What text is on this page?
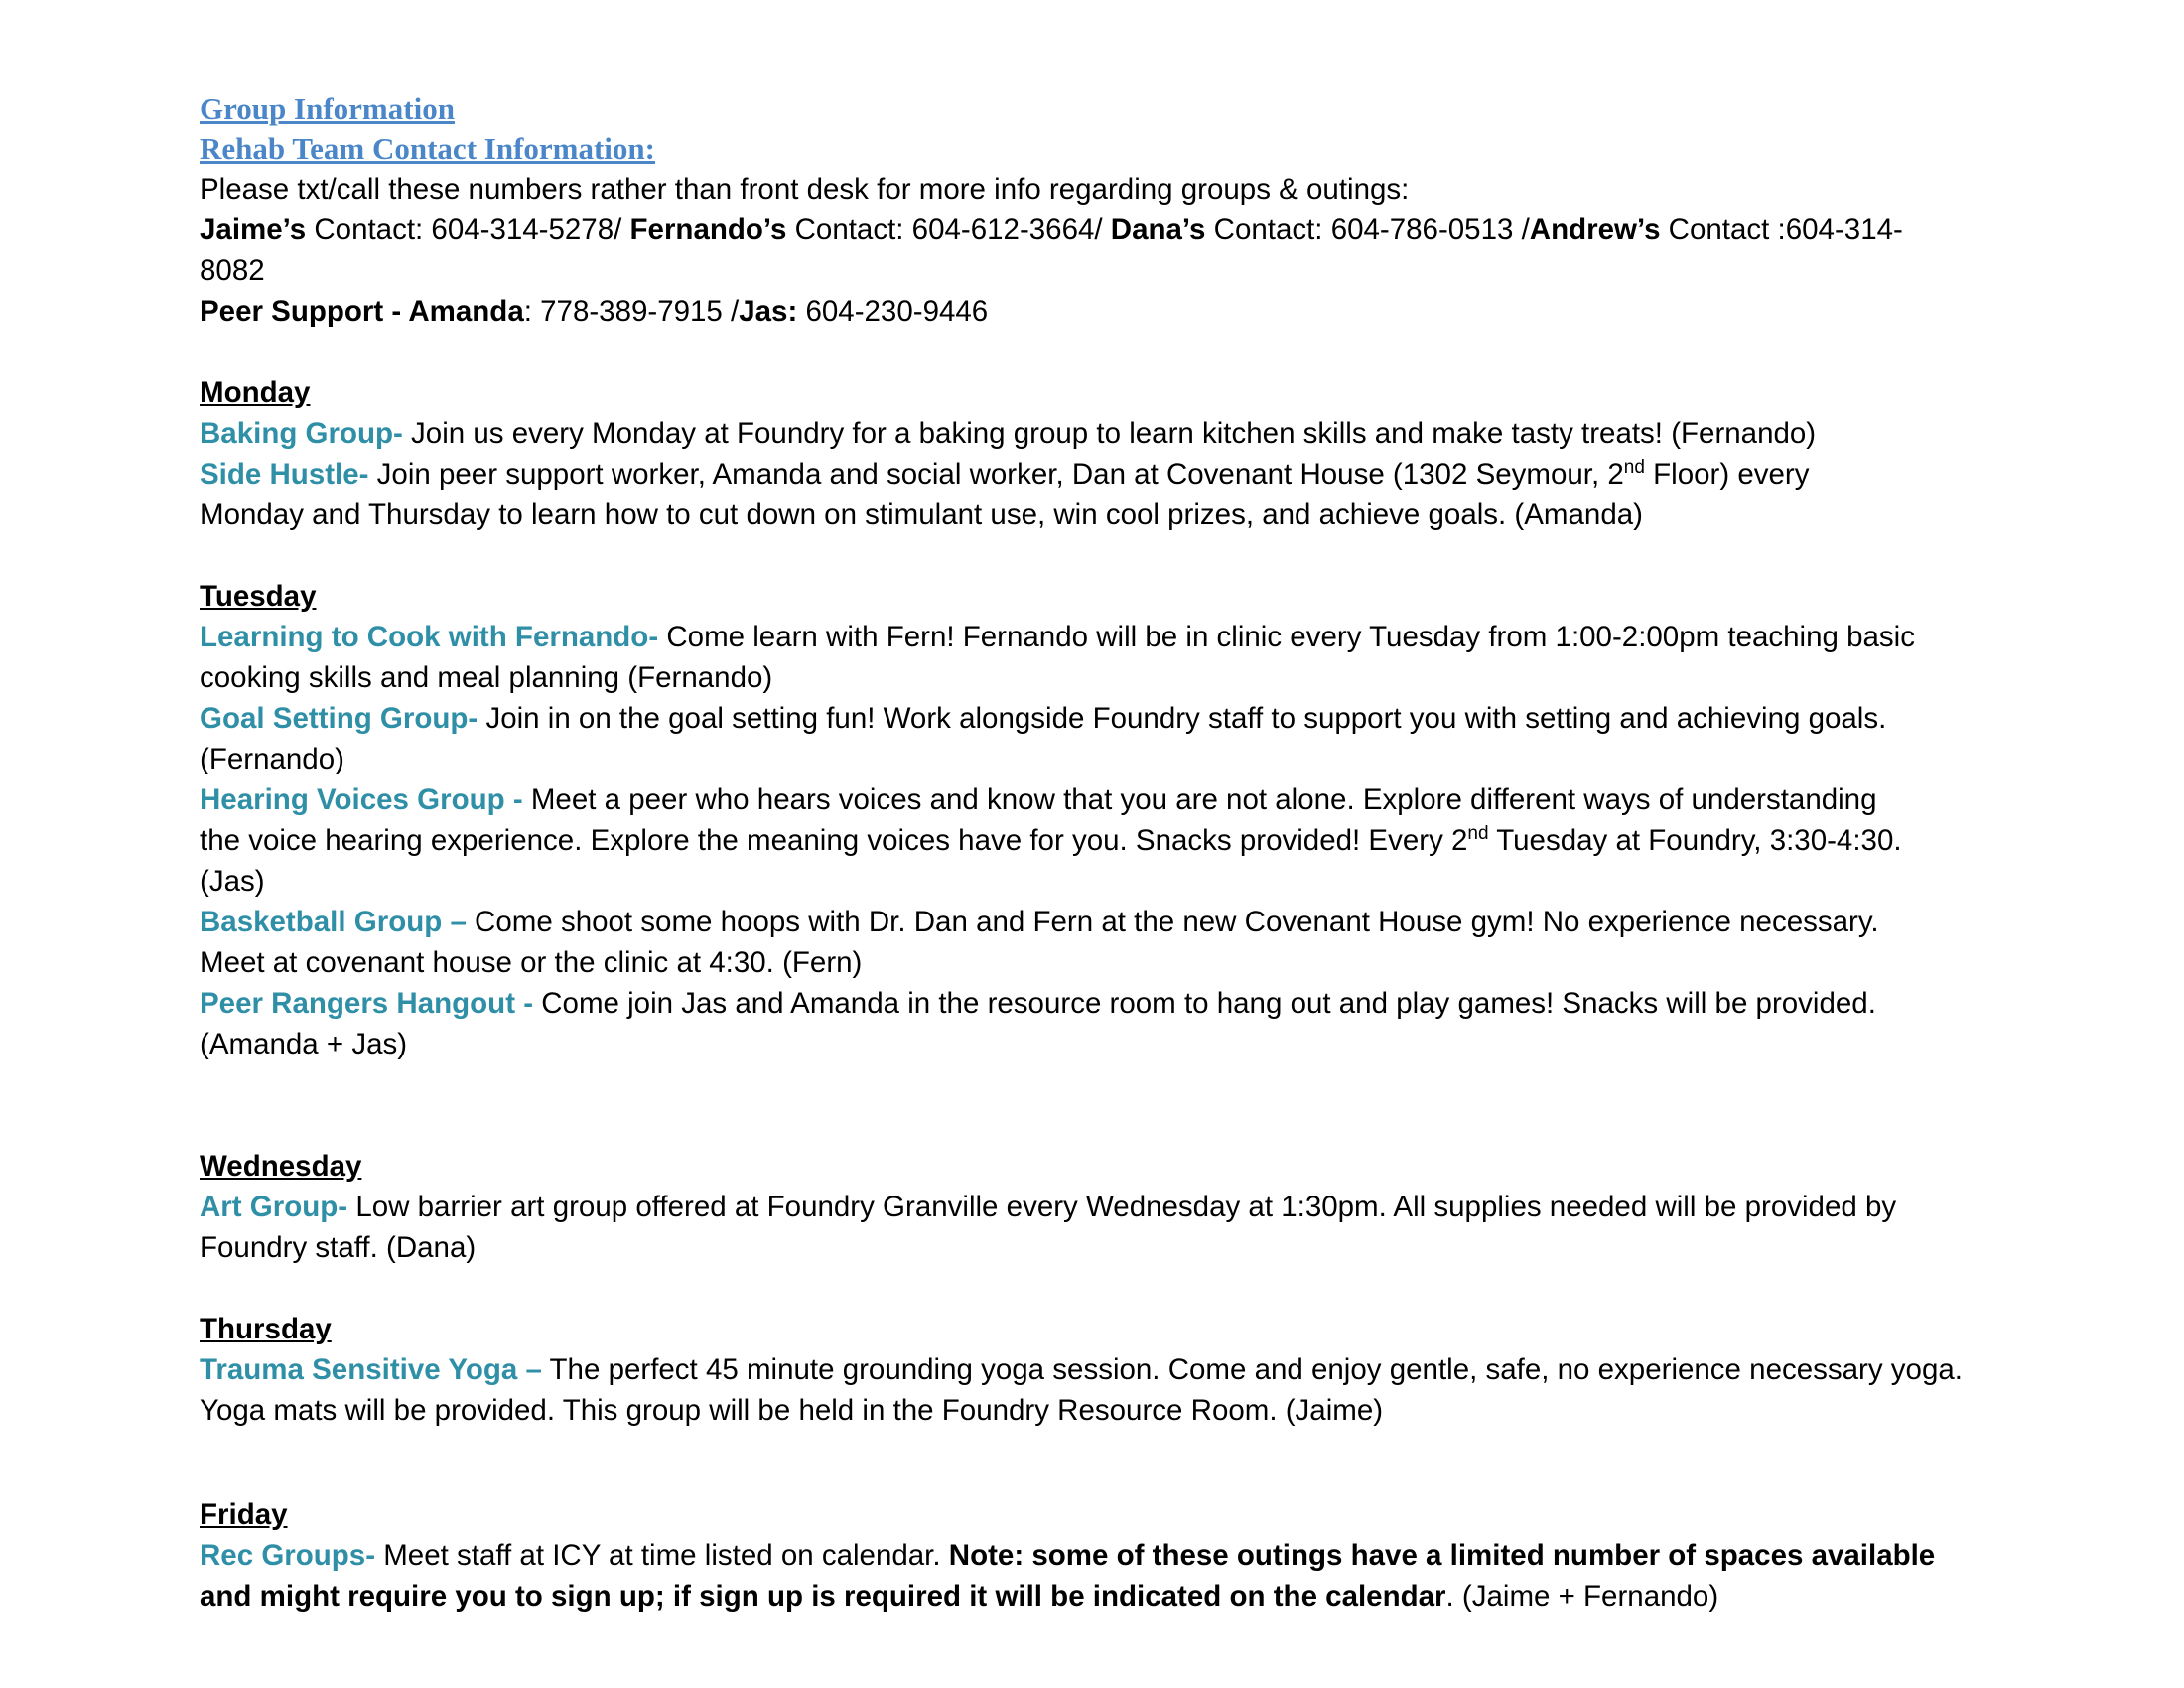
Group Information
Rehab Team Contact Information:

Please txt/call these numbers rather than front desk for more info regarding groups & outings:

Jaime’s Contact: 604-314-5278/ Fernando’s Contact: 604-612-3664/ Dana’s Contact: 604-786-0513 /Andrew’s Contact :604-314-

8082

Peer Support - Amanda: 778-389-7915 /Jas: 604-230-9446

Monday

Baking Group- Join us every Monday at Foundry for a baking group to learn kitchen skills and make tasty treats! (Fernando)

Side Hustle- Join peer support worker, Amanda and social worker, Dan at Covenant House (1302 Seymour, 2nd Floor) every

Monday and Thursday to learn how to cut down on stimulant use, win cool prizes, and achieve goals. (Amanda)

Tuesday

Learning to Cook with Fernando- Come learn with Fern! Fernando will be in clinic every Tuesday from 1:00-2:00pm teaching basic

cooking skills and meal planning (Fernando)

Goal Setting Group- Join in on the goal setting fun! Work alongside Foundry staff to support you with setting and achieving goals.

(Fernando)

Hearing Voices Group - Meet a peer who hears voices and know that you are not alone. Explore different ways of understanding

the voice hearing experience. Explore the meaning voices have for you. Snacks provided! Every 2nd Tuesday at Foundry, 3:30-4:30.

(Jas)

Basketball Group – Come shoot some hoops with Dr. Dan and Fern at the new Covenant House gym! No experience necessary.

Meet at covenant house or the clinic at 4:30. (Fern)

Peer Rangers Hangout - Come join Jas and Amanda in the resource room to hang out and play games! Snacks will be provided.

(Amanda + Jas)

Wednesday

Art Group- Low barrier art group offered at Foundry Granville every Wednesday at 1:30pm. All supplies needed will be provided by

Foundry staff. (Dana)

Thursday

Trauma Sensitive Yoga – The perfect 45 minute grounding yoga session. Come and enjoy gentle, safe, no experience necessary yoga.

Yoga mats will be provided. This group will be held in the Foundry Resource Room. (Jaime)

Friday

Rec Groups- Meet staff at ICY at time listed on calendar. Note: some of these outings have a limited number of spaces available

and might require you to sign up; if sign up is required it will be indicated on the calendar. (Jaime + Fernando)
